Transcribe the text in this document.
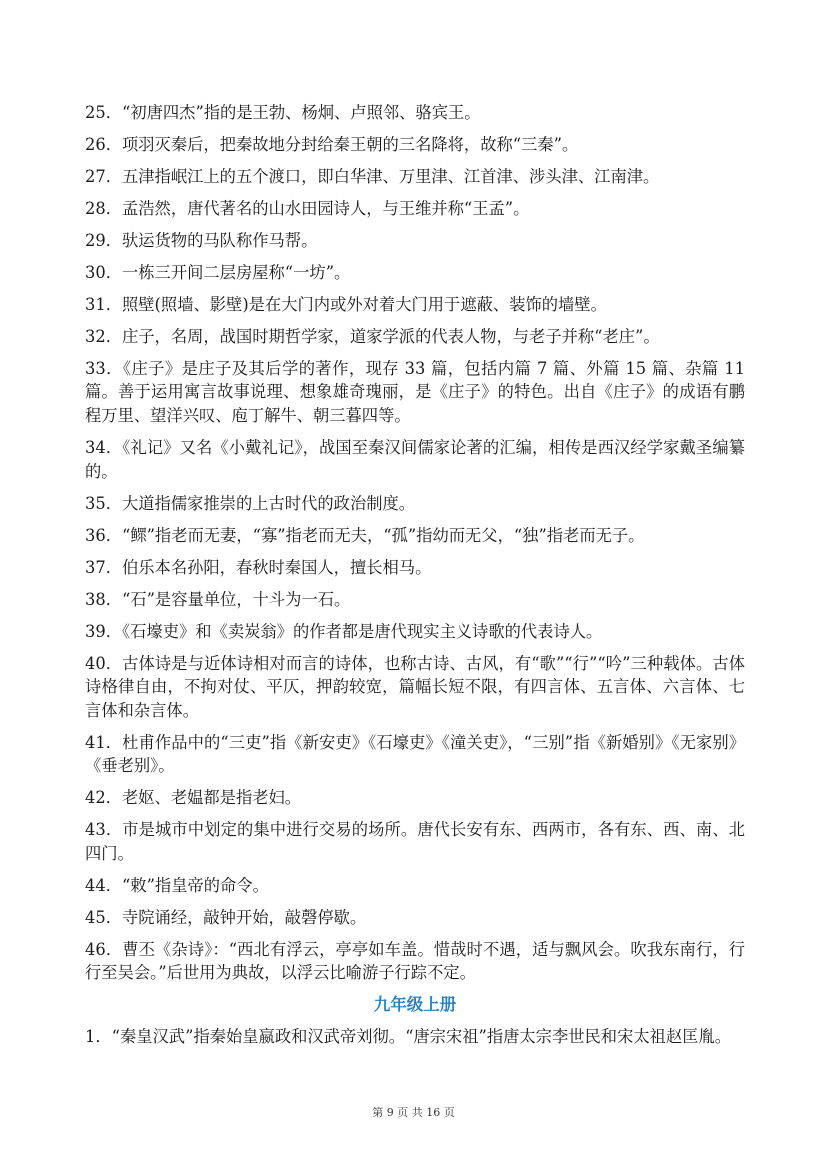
25．“初唐四杰”指的是王勃、杨炯、卢照邻、骆宾王。

26．项羽灭秦后，把秦故地分封给秦王朝的三名降将，故称“三秦”。

27．五津指岷江上的五个渡口，即白华津、万里津、江首津、涉头津、江南津。

28．孟浩然，唐代著名的山水田园诗人，与王维并称“王孟”。

29．驮运货物的马队称作马帮。

30．一栋三开间二层房屋称“一坊”。

31．照壁(照墙、影壁)是在大门内或外对着大门用于遮蔽、装饰的墙壁。

32．庄子，名周，战国时期哲学家，道家学派的代表人物，与老子并称“老庄”。

33．《庄子》是庄子及其后学的著作，现存 33 篇，包括内篇 7 篇、外篇 15 篇、杂篇 11 篇。善于运用寓言故事说理、想象雄奇瑰丽，是《庄子》的特色。出自《庄子》的成语有鹏程万里、望洋兴叹、庖丁解牛、朝三暮四等。

34．《礼记》又名《小戴礼记》，战国至秦汉间儒家论著的汇编，相传是西汉经学家戴圣编纂的。

35．大道指儒家推崇的上古时代的政治制度。

36．“鳏”指老而无妻，“寡”指老而无夫，“孤”指幼而无父，“独”指老而无子。

37．伯乐本名孙阳，春秋时秦国人，擅长相马。

38．“石”是容量单位，十斗为一石。

39．《石壕吏》和《卖炭翁》的作者都是唐代现实主义诗歌的代表诗人。

40．古体诗是与近体诗相对而言的诗体，也称古诗、古风，有“歌”“行”“吟”三种载体。古体诗格律自由，不拘对仗、平仄，押韵较宽，篇幅长短不限，有四言体、五言体、六言体、七言体和杂言体。

41．杜甫作品中的“三吏”指《新安吏》《石壕吏》《潼关吏》，“三别”指《新婚别》《无家别》《垂老别》。

42．老妪、老媪都是指老妇。

43．市是城市中划定的集中进行交易的场所。唐代长安有东、西两市，各有东、西、南、北四门。

44．“敕”指皇帝的命令。

45．寺院诵经，敲钟开始，敲磬停歇。

46．曹丕《杂诗》：“西北有浮云，亭亭如车盖。惜哉时不遇，适与飘风会。吹我东南行，行行至吴会。”后世用为典故，以浮云比喻游子行踪不定。

九年级上册

1．“秦皇汉武”指秦始皇嬴政和汉武帝刘彻。“唐宗宋祖”指唐太宗李世民和宋太祖赵匡胤。

第 9 页 共 16 页
